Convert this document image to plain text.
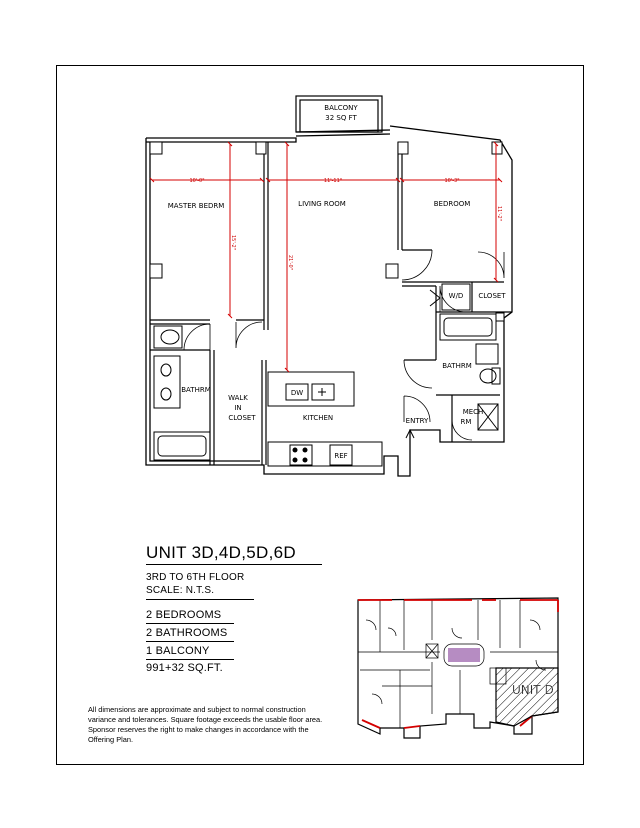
10'-0"	11'-11"	10'-3"
15'-2"
21'-0"
11'-2"
BALCONY
32 SQ FT
MASTER BEDRM	LIVING ROOM	BEDROOM
W/D CLOSET
BATHRM
WALK
IN
CLOSET	KITCHEN
DW
REF
ENTRY
BATHRM
MECH
RM
UNIT D
UNIT 3D,4D,5D,6D
3RD TO 6TH FLOOR
SCALE: N.T.S.
2 BEDROOMS
2 BATHROOMS
1 BALCONY
991+32 SQ.FT.
All dimensions are approximate and subject to normal construction variance and tolerances. Square footage exceeds the usable floor area. Sponsor reserves the right to make changes in accordance with the Offering Plan.
